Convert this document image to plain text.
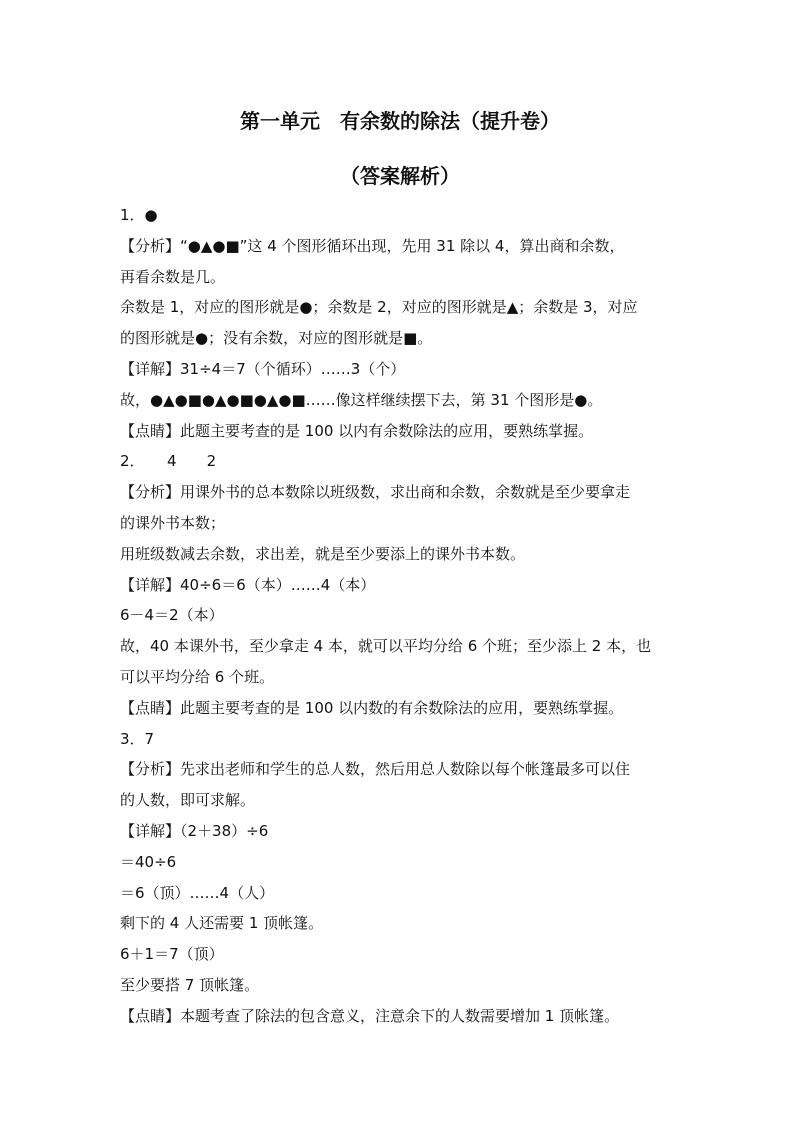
第一单元　有余数的除法（提升卷）
（答案解析）
1．●
【分析】“●▲●■”这 4 个图形循环出现，先用 31 除以 4，算出商和余数，
再看余数是几。
余数是 1，对应的图形就是●；余数是 2，对应的图形就是▲；余数是 3，对应
的图形就是●；没有余数，对应的图形就是■。
【详解】31÷4＝7（个循环）……3（个）
故，●▲●■●▲●■●▲●■……像这样继续摆下去，第 31 个图形是●。
【点睛】此题主要考查的是 100 以内有余数除法的应用，要熟练掌握。
2．　　4　　2
【分析】用课外书的总本数除以班级数，求出商和余数，余数就是至少要拿走
的课外书本数；
用班级数减去余数，求出差，就是至少要添上的课外书本数。
【详解】40÷6＝6（本）……4（本）
6－4＝2（本）
故，40 本课外书，至少拿走 4 本，就可以平均分给 6 个班；至少添上 2 本，也
可以平均分给 6 个班。
【点睛】此题主要考查的是 100 以内数的有余数除法的应用，要熟练掌握。
3．7
【分析】先求出老师和学生的总人数，然后用总人数除以每个帐篷最多可以住
的人数，即可求解。
【详解】（2＋38）÷6
＝40÷6
＝6（顶）……4（人）
剩下的 4 人还需要 1 顶帐篷。
6＋1＝7（顶）
至少要搭 7 顶帐篷。
【点睛】本题考查了除法的包含意义，注意余下的人数需要增加 1 顶帐篷。
